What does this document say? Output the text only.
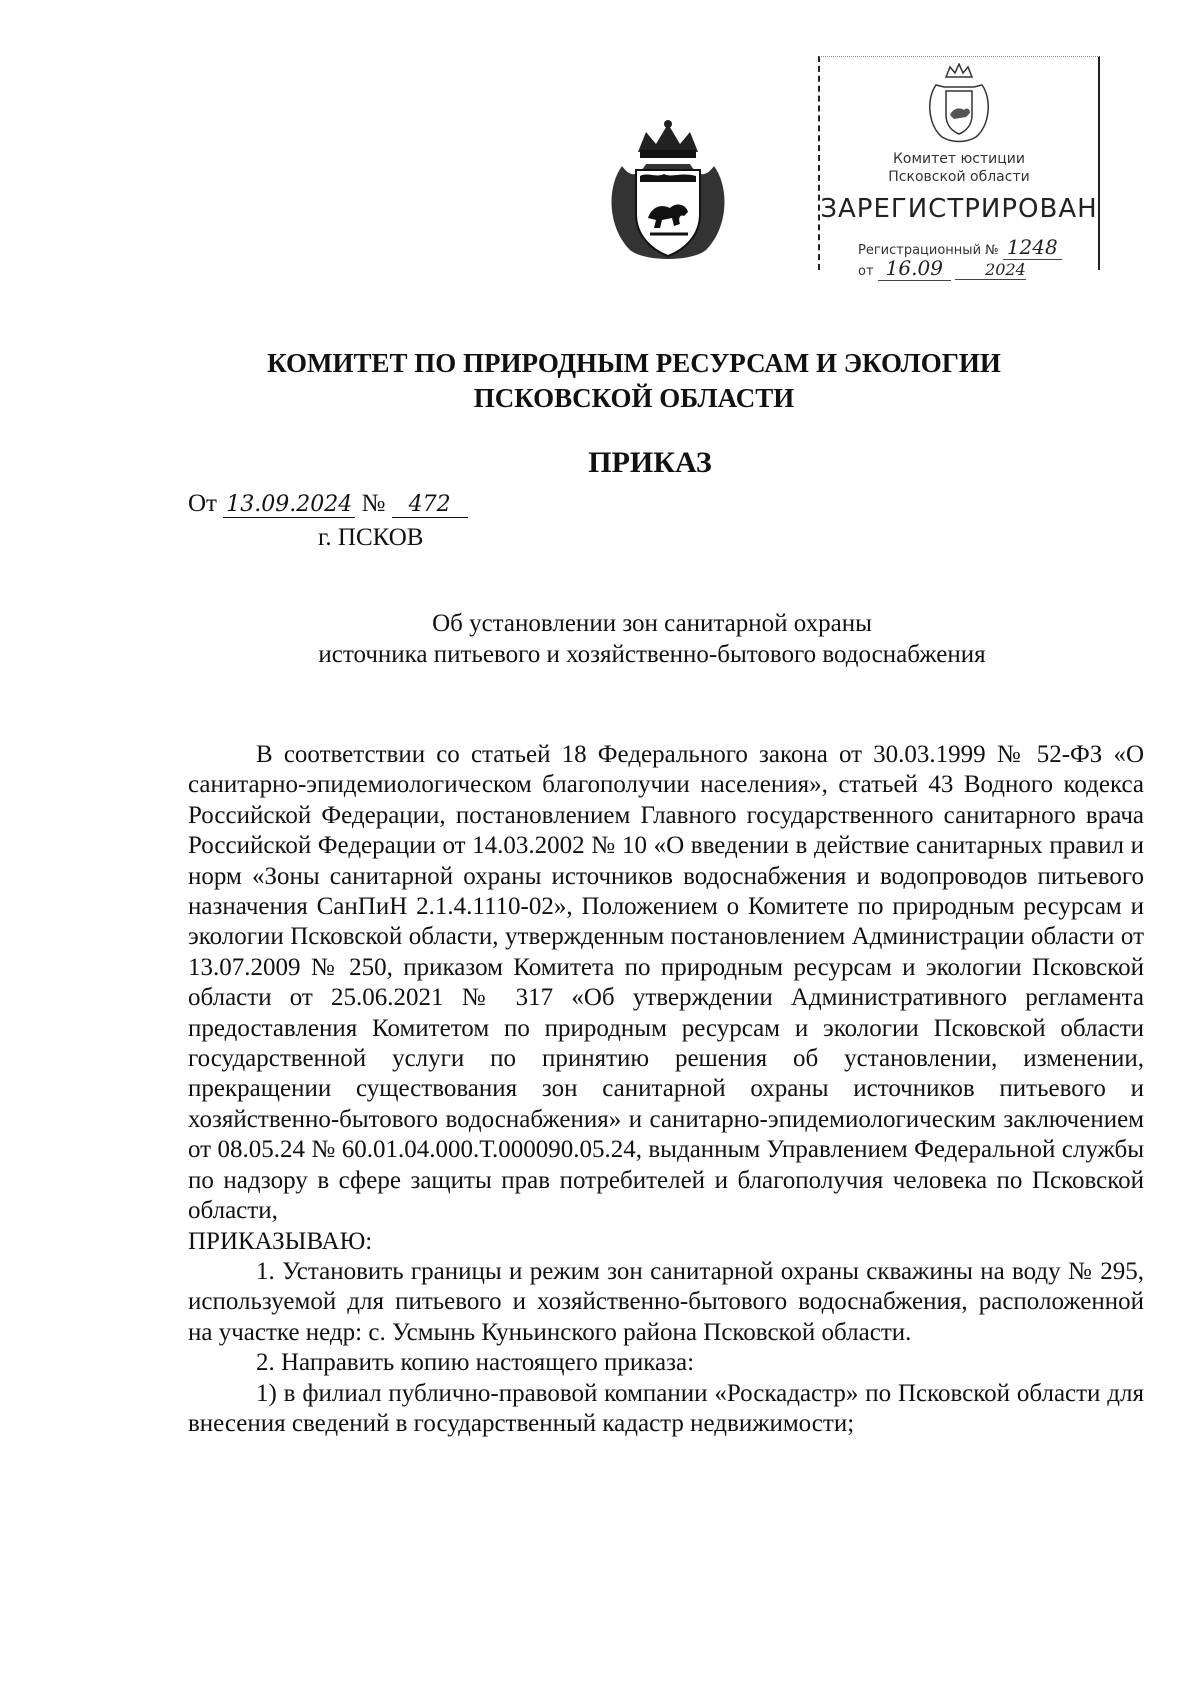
Комитет юстиции
Псковской области
ЗАРЕГИСТРИРОВАН
Регистрационный № 1248
от 16.09	2024
КОМИТЕТ ПО ПРИРОДНЫМ РЕСУРСАМ И ЭКОЛОГИИ
ПСКОВСКОЙ ОБЛАСТИ
ПРИКАЗ
От 13.09.2024 № 472
г. ПСКОВ
Об установлении зон санитарной охраны
источника питьевого и хозяйственно-бытового водоснабжения

В соответствии со статьей 18 Федерального закона от 30.03.1999 № 52-ФЗ «О санитарно-эпидемиологическом благополучии населения», статьей 43 Водного кодекса Российской Федерации, постановлением Главного государственного санитарного врача Российской Федерации от 14.03.2002 № 10 «О введении в действие санитарных правил и норм «Зоны санитарной охраны источников водоснабжения и водопроводов питьевого назначения СанПиН 2.1.4.1110-02», Положением о Комитете по природным ресурсам и экологии Псковской области, утвержденным постановлением Администрации области от 13.07.2009 № 250, приказом Комитета по природным ресурсам и экологии Псковской области от 25.06.2021 № 317 «Об утверждении Административного регламента предоставления Комитетом по природным ресурсам и экологии Псковской области государственной услуги по принятию решения об установлении, изменении, прекращении существования зон санитарной охраны источников питьевого и хозяйственно-бытового водоснабжения» и санитарно-эпидемиологическим заключением от 08.05.24 № 60.01.04.000.Т.000090.05.24, выданным Управлением Федеральной службы по надзору в сфере защиты прав потребителей и благополучия человека по Псковской области,

ПРИКАЗЫВАЮ:

1. Установить границы и режим зон санитарной охраны скважины на воду № 295, используемой для питьевого и хозяйственно-бытового водоснабжения, расположенной на участке недр: с. Усмынь Куньинского района Псковской области.

2. Направить копию настоящего приказа:

1) в филиал публично-правовой компании «Роскадастр» по Псковской области для внесения сведений в государственный кадастр недвижимости;
